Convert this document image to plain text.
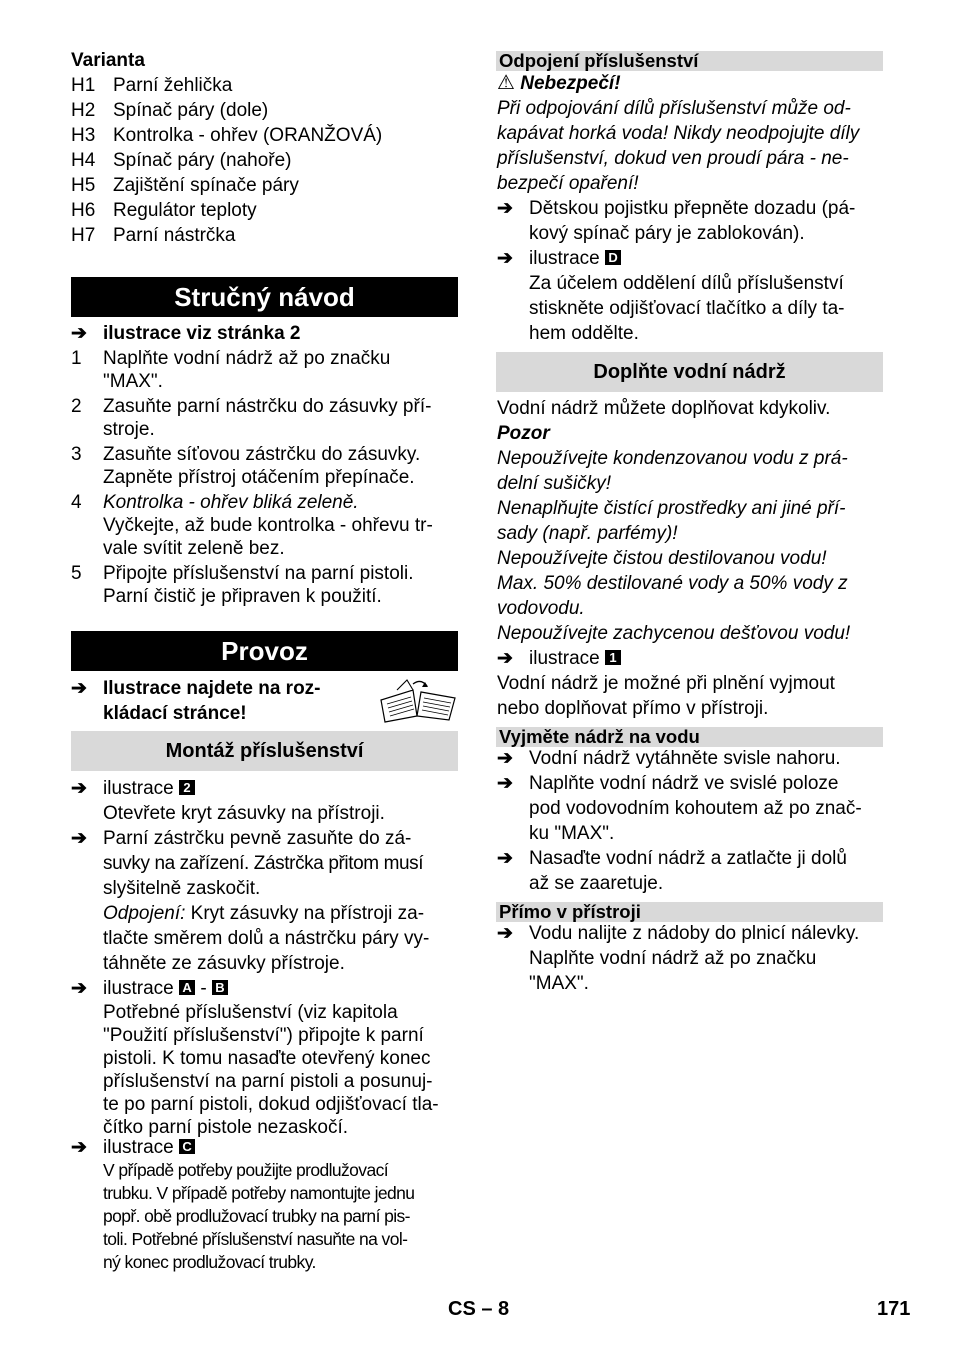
Varianta
H1 Parní žehlička
H2 Spínač páry (dole)
H3 Kontrolka - ohřev (ORANŽOVÁ)
H4 Spínač páry (nahoře)
H5 Zajištění spínače páry
H6 Regulátor teploty
H7 Parní nástrčka
Stručný návod
➔ ilustrace viz stránka 2
1 Naplňte vodní nádrž až po značku
"MAX".
2 Zasuňte parní nástrčku do zásuvky pří-
stroje.
3 Zasuňte síťovou zástrčku do zásuvky.
Zapněte přístroj otáčením přepínače.
4 Kontrolka - ohřev bliká zeleně.
Vyčkejte, až bude kontrolka - ohřevu tr-
vale svítit zeleně bez.
5 Připojte příslušenství na parní pistoli.
Parní čistič je připraven k použití.
Provoz
➔ Ilustrace najdete na roz-
kládací stránce!
Montáž příslušenství
➔ ilustrace 2
Otevřete kryt zásuvky na přístroji.
➔ Parní zástrčku pevně zasuňte do zá-
suvky na zařízení. Zástrčka přitom musí
slyšitelně zaskočit.
Odpojení: Kryt zásuvky na přístroji za-
tlačte směrem dolů a nástrčku páry vy-
táhněte ze zásuvky přístroje.
➔ ilustrace A - B
Potřebné příslušenství (viz kapitola
"Použití příslušenství") připojte k parní
pistoli. K tomu nasaďte otevřený konec
příslušenství na parní pistoli a posunuj-
te po parní pistoli, dokud odjišťovací tla-
čítko parní pistole nezaskočí.
➔ ilustrace C
V případě potřeby použijte prodlužovací
trubku. V případě potřeby namontujte jednu
popř. obě prodlužovací trubky na parní pis-
toli. Potřebné příslušenství nasuňte na vol-
ný konec prodlužovací trubky.
Odpojení příslušenství
⚠ Nebezpečí!
Při odpojování dílů příslušenství může od-
kapávat horká voda! Nikdy neodpojujte díly
příslušenství, dokud ven proudí pára - ne-
bezpečí opaření!
➔ Dětskou pojistku přepněte dozadu (pá-
kový spínač páry je zablokován).
➔ ilustrace D
Za účelem oddělení dílů příslušenství
stiskněte odjišťovací tlačítko a díly ta-
hem oddělte.
Doplňte vodní nádrž
Vodní nádrž můžete doplňovat kdykoliv.
Pozor
Nepoužívejte kondenzovanou vodu z prá-
delní sušičky!
Nenaplňujte čistící prostředky ani jiné pří-
sady (např. parfémy)!
Nepoužívejte čistou destilovanou vodu!
Max. 50% destilované vody a 50% vody z
vodovodu.
Nepoužívejte zachycenou dešťovou vodu!
➔ ilustrace 1
Vodní nádrž je možné při plnění vyjmout
nebo doplňovat přímo v přístroji.
Vyjměte nádrž na vodu
➔ Vodní nádrž vytáhněte svisle nahoru.
➔ Naplňte vodní nádrž ve svislé poloze
pod vodovodním kohoutem až po znač-
ku "MAX".
➔ Nasaďte vodní nádrž a zatlačte ji dolů
až se zaaretuje.
Přímo v přístroji
➔ Vodu nalijte z nádoby do plnicí nálevky.
Naplňte vodní nádrž až po značku
"MAX".
CS – 8	171
